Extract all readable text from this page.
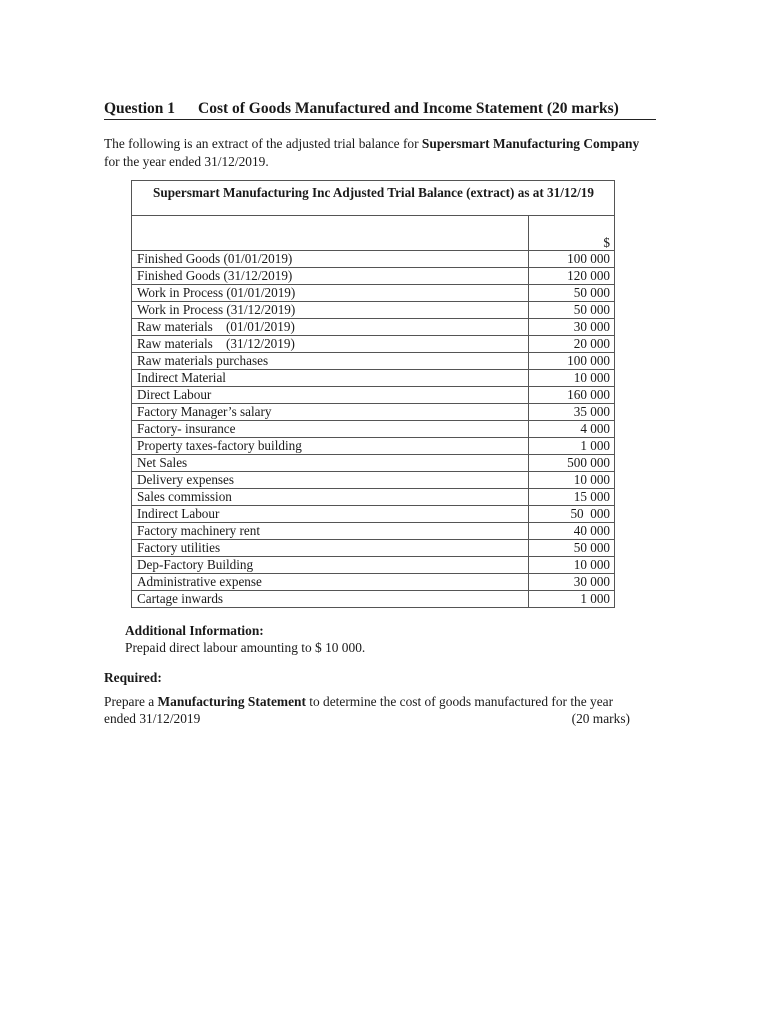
Question 1 Cost of Goods Manufactured and Income Statement (20 marks)
The following is an extract of the adjusted trial balance for Supersmart Manufacturing Company for the year ended 31/12/2019.
Supersmart Manufacturing Inc Adjusted Trial Balance (extract) as at 31/12/19	
	$
Finished Goods (01/01/2019)	100 000
Finished Goods (31/12/2019)	120 000
Work in Process (01/01/2019)	50 000
Work in Process (31/12/2019)	50 000
Raw materials    (01/01/2019)	30 000
Raw materials    (31/12/2019)	20 000
Raw materials purchases	100 000
Indirect Material	10 000
Direct Labour	160 000
Factory Manager’s salary	35 000
Factory- insurance	4 000
Property taxes-factory building	1 000
Net Sales	500 000
Delivery expenses	10 000
Sales commission	15 000
Indirect Labour	50  000
Factory machinery rent	40 000
Factory utilities	50 000
Dep-Factory Building	10 000
Administrative expense	30 000
Cartage inwards	1 000
Additional Information:
Prepaid direct labour amounting to $ 10 000.
Required:
Prepare a Manufacturing Statement to determine the cost of goods manufactured for the year
ended 31/12/2019	(20 marks)
